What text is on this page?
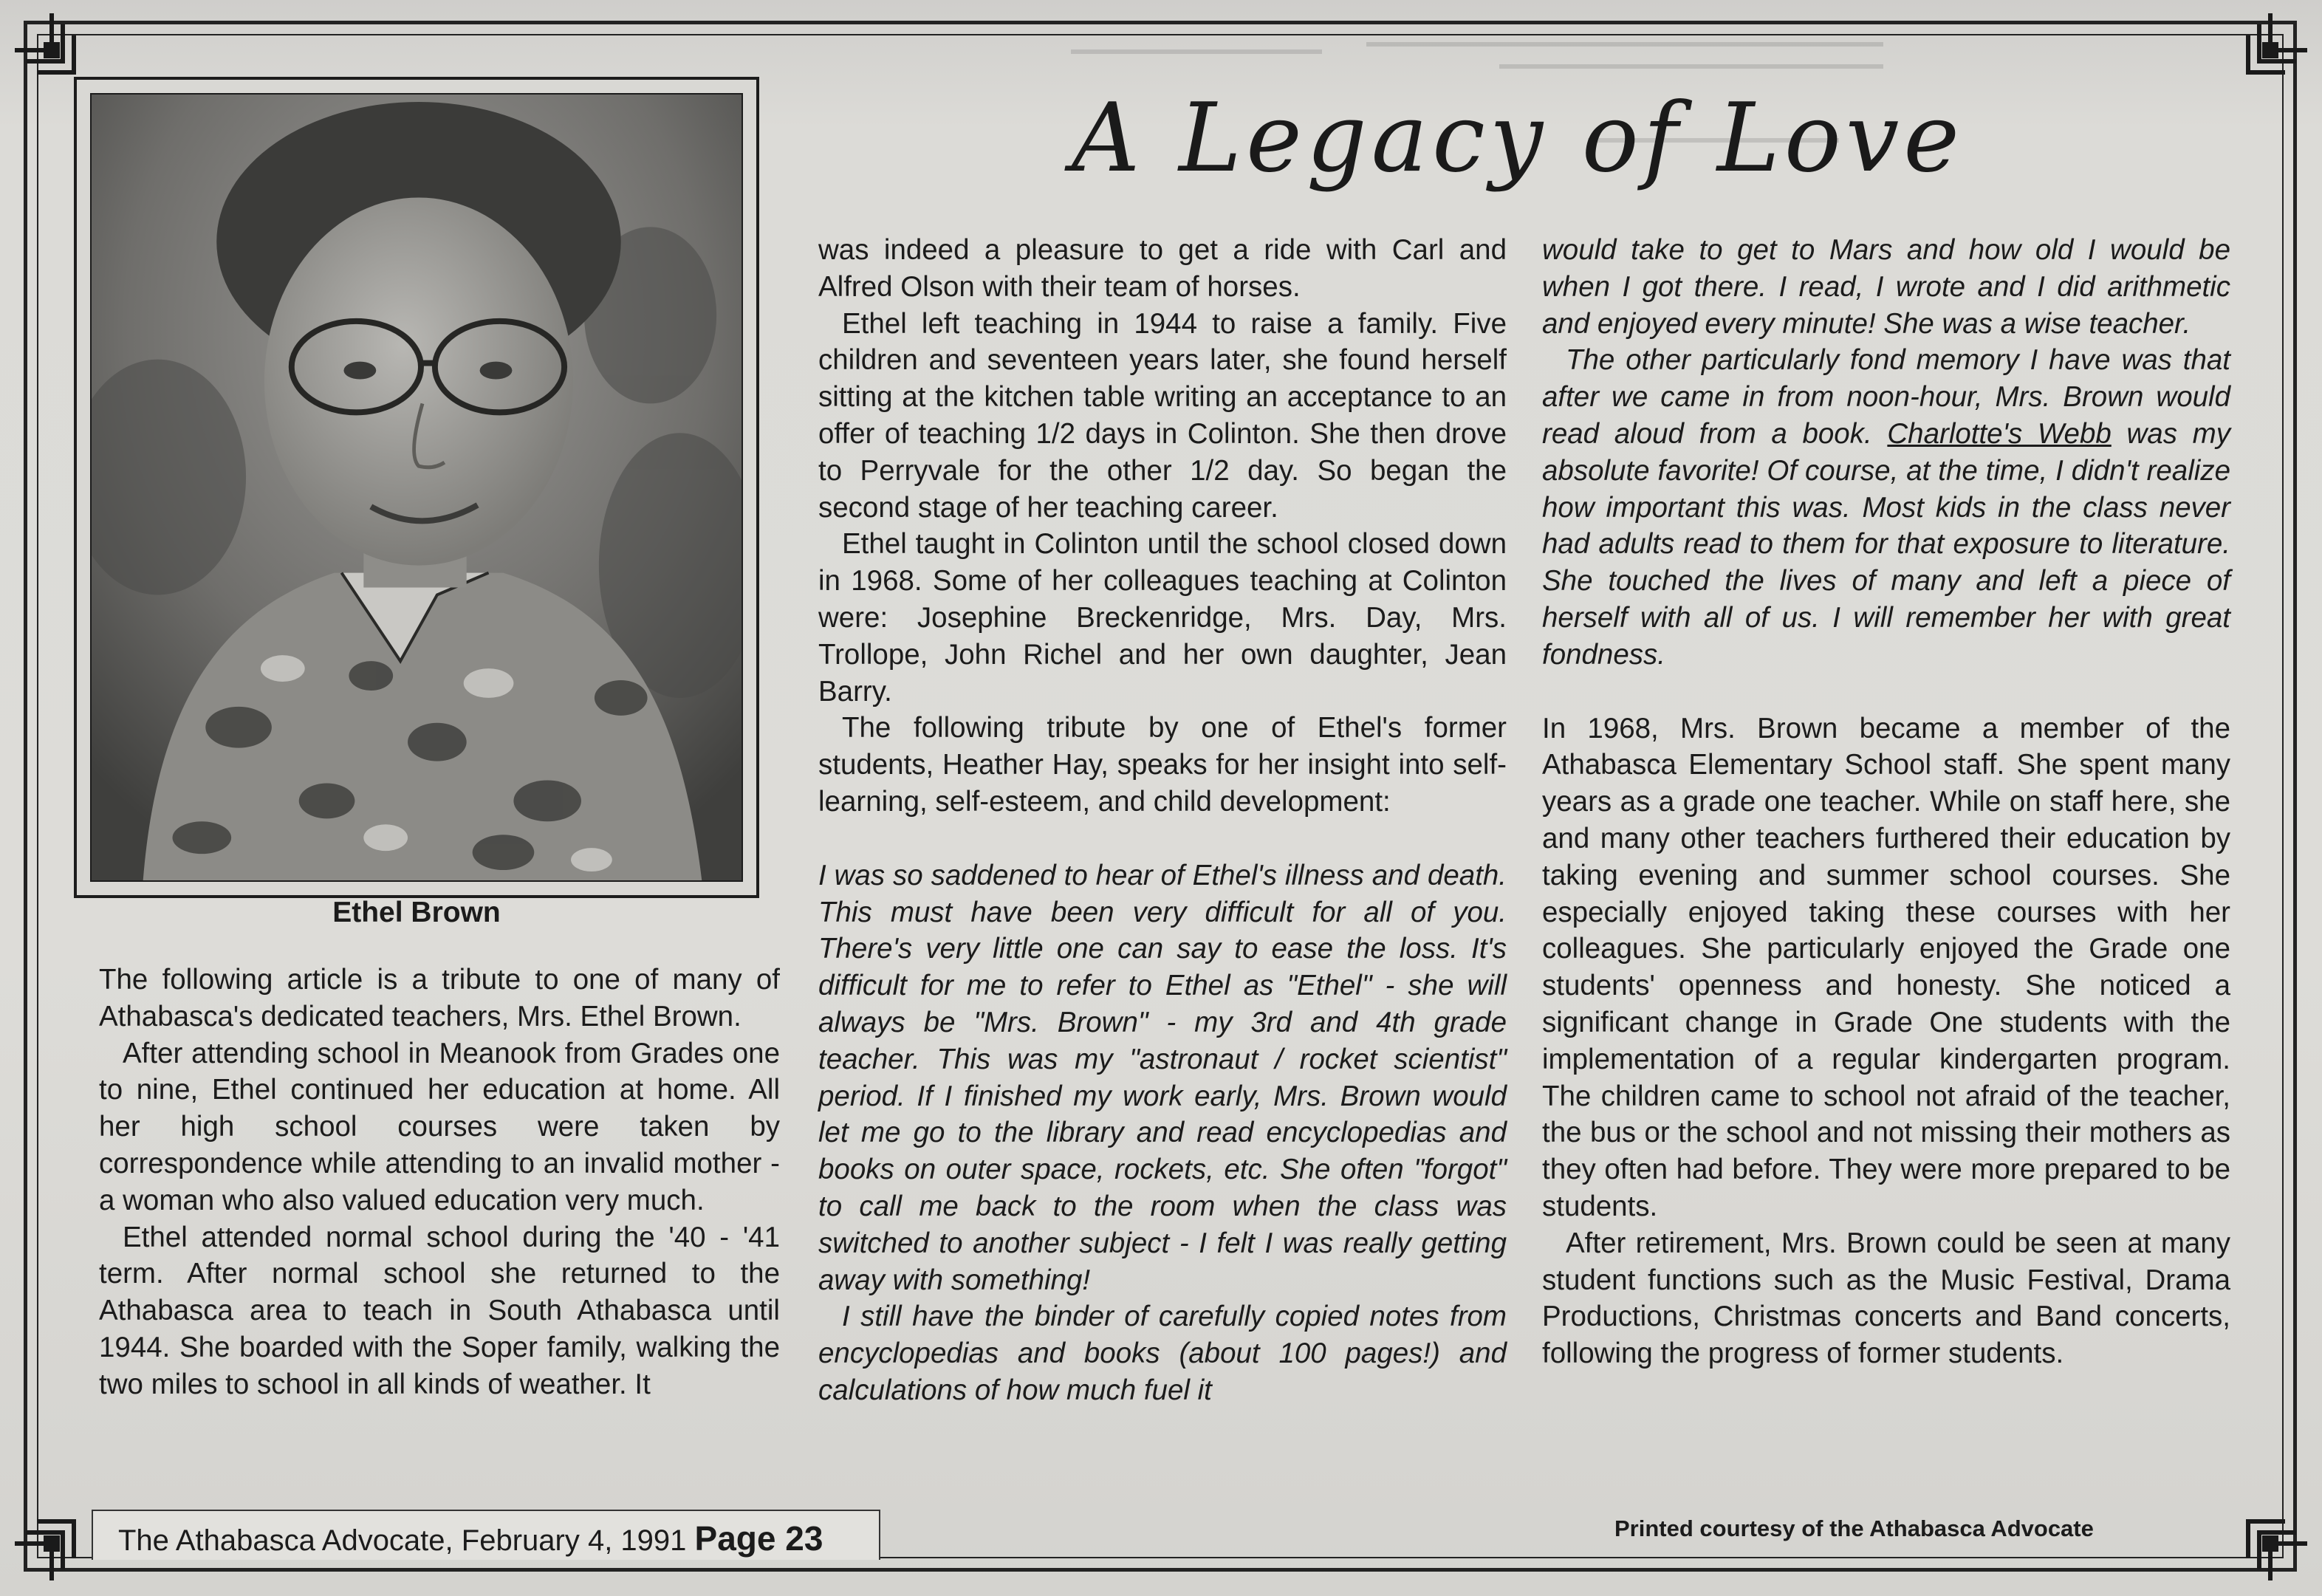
Ethel Brown
A Legacy of Love

The following article is a tribute to one of many of Athabasca's dedicated teachers, Mrs. Ethel Brown.

After attending school in Meanook from Grades one to nine, Ethel continued her education at home. All her high school courses were taken by correspondence while attending to an invalid mother - a woman who also valued education very much.

Ethel attended normal school during the '40 - '41 term. After normal school she returned to the Athabasca area to teach in South Athabasca until 1944. She boarded with the Soper family, walking the two miles to school in all kinds of weather. It

was indeed a pleasure to get a ride with Carl and Alfred Olson with their team of horses.

Ethel left teaching in 1944 to raise a family. Five children and seventeen years later, she found herself sitting at the kitchen table writing an acceptance to an offer of teaching 1/2 days in Colinton. She then drove to Perryvale for the other 1/2 day. So began the second stage of her teaching career.

Ethel taught in Colinton until the school closed down in 1968. Some of her colleagues teaching at Colinton were: Josephine Breckenridge, Mrs. Day, Mrs. Trollope, John Richel and her own daughter, Jean Barry.

The following tribute by one of Ethel's former students, Heather Hay, speaks for her insight into self-learning, self-esteem, and child development:

I was so saddened to hear of Ethel's illness and death. This must have been very difficult for all of you. There's very little one can say to ease the loss. It's difficult for me to refer to Ethel as "Ethel" - she will always be "Mrs. Brown" - my 3rd and 4th grade teacher. This was my "astronaut / rocket scientist" period. If I finished my work early, Mrs. Brown would let me go to the library and read encyclopedias and books on outer space, rockets, etc. She often "forgot" to call me back to the room when the class was switched to another subject - I felt I was really getting away with something!

I still have the binder of carefully copied notes from encyclopedias and books (about 100 pages!) and calculations of how much fuel it

would take to get to Mars and how old I would be when I got there. I read, I wrote and I did arithmetic and enjoyed every minute! She was a wise teacher.

The other particularly fond memory I have was that after we came in from noon-hour, Mrs. Brown would read aloud from a book. Charlotte's Webb was my absolute favorite! Of course, at the time, I didn't realize how important this was. Most kids in the class never had adults read to them for that exposure to literature. She touched the lives of many and left a piece of herself with all of us. I will remember her with great fondness.

In 1968, Mrs. Brown became a member of the Athabasca Elementary School staff. She spent many years as a grade one teacher. While on staff here, she and many other teachers furthered their education by taking evening and summer school courses. She especially enjoyed taking these courses with her colleagues. She particularly enjoyed the Grade one students' openness and honesty. She noticed a significant change in Grade One students with the implementation of a regular kindergarten program. The children came to school not afraid of the teacher, the bus or the school and not missing their mothers as they often had before. They were more prepared to be students.

After retirement, Mrs. Brown could be seen at many student functions such as the Music Festival, Drama Productions, Christmas concerts and Band concerts, following the progress of former students.

The Athabasca Advocate, February 4, 1991 Page 23	Printed courtesy of the Athabasca Advocate
